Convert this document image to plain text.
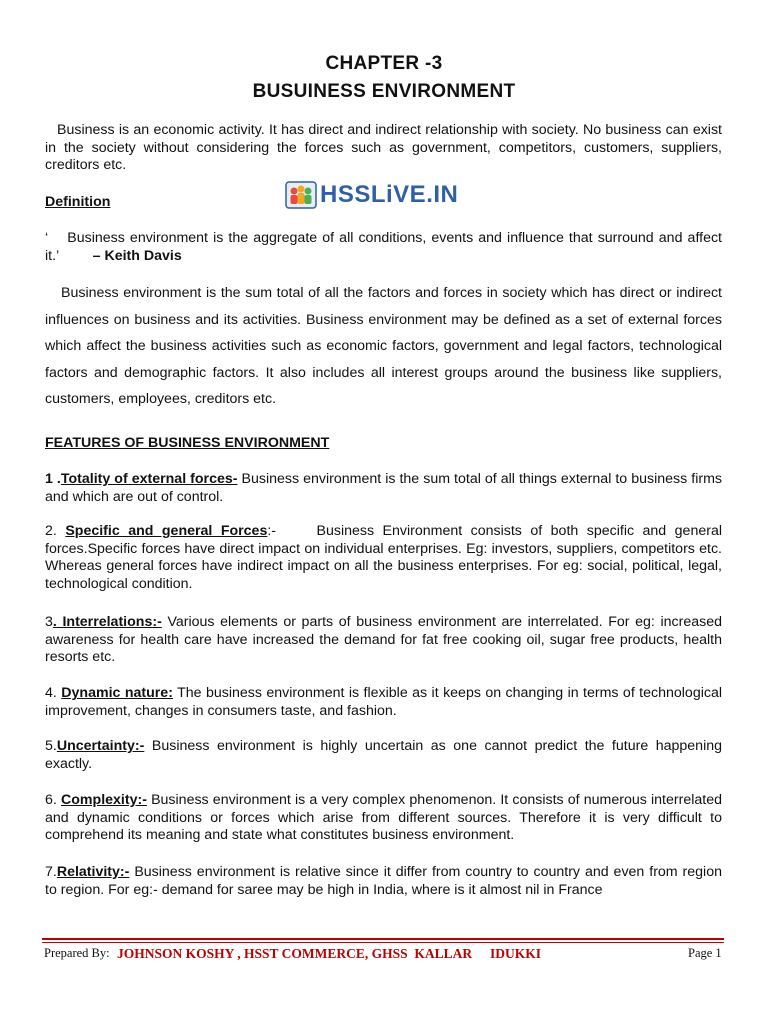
CHAPTER -3
BUSUINESS ENVIRONMENT

Business is an economic activity. It has direct and indirect relationship with society. No business can exist in the society without considering the forces such as government, competitors, customers, suppliers, creditors etc.

Definition	HSSLiVE.IN

‘ Business environment is the aggregate of all conditions, events and influence that surround and affect it.’ – Keith Davis

Business environment is the sum total of all the factors and forces in society which has direct or indirect influences on business and its activities. Business environment may be defined as a set of external forces which affect the business activities such as economic factors, government and legal factors, technological factors and demographic factors. It also includes all interest groups around the business like suppliers, customers, employees, creditors etc.

FEATURES OF BUSINESS ENVIRONMENT

1 .Totality of external forces- Business environment is the sum total of all things external to business firms and which are out of control.

2. Specific and general Forces:-	Business Environment consists of both specific and general forces.Specific forces have direct impact on individual enterprises. Eg: investors, suppliers, competitors etc. Whereas general forces have indirect impact on all the business enterprises. For eg: social, political, legal, technological condition.

3. Interrelations:- Various elements or parts of business environment are interrelated. For eg: increased awareness for health care have increased the demand for fat free cooking oil, sugar free products, health resorts etc.

4. Dynamic nature: The business environment is flexible as it keeps on changing in terms of technological improvement, changes in consumers taste, and fashion.

5.Uncertainty:- Business environment is highly uncertain as one cannot predict the future happening exactly.

6. Complexity:- Business environment is a very complex phenomenon. It consists of numerous interrelated and dynamic conditions or forces which arise from different sources. Therefore it is very difficult to comprehend its meaning and state what constitutes business environment.

7.Relativity:- Business environment is relative since it differ from country to country and even from region to region. For eg:- demand for saree may be high in India, where is it almost nil in France

Prepared By: JOHNSON KOSHY , HSST COMMERCE, GHSS  KALLAR IDUKKI	Page 1
